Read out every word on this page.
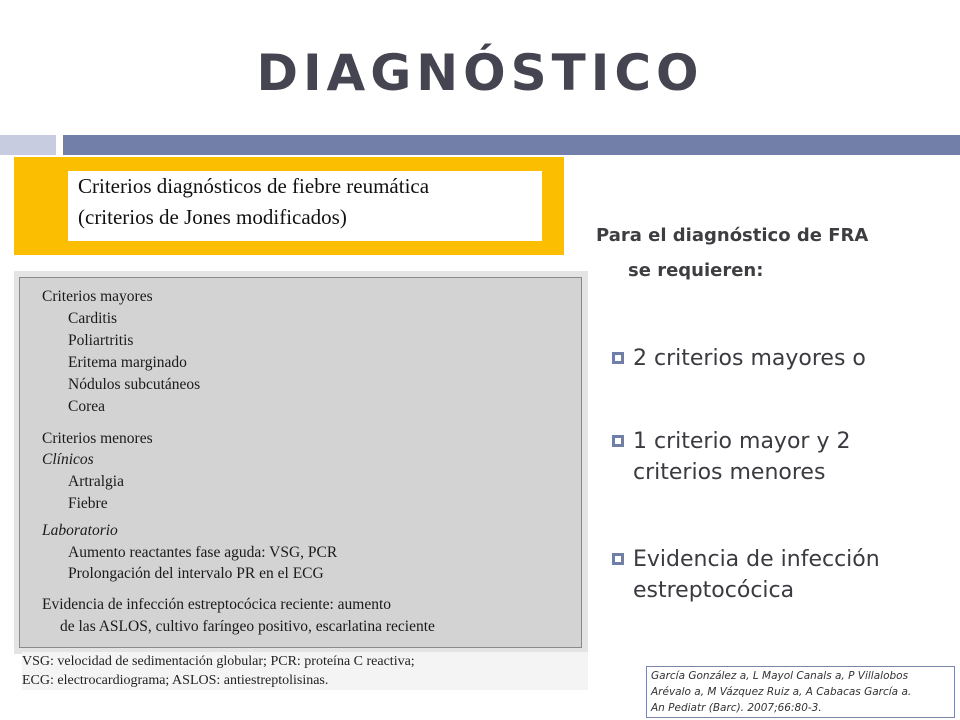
DIAGNÓSTICO
Criterios diagnósticos de fiebre reumática
(criterios de Jones modificados)
Criterios mayores
Carditis
Poliartritis
Eritema marginado
Nódulos subcutáneos
Corea
Criterios menores
Clínicos
Artralgia
Fiebre
Laboratorio
Aumento reactantes fase aguda: VSG, PCR
Prolongación del intervalo PR en el ECG
Evidencia de infección estreptocócica reciente: aumento
de las ASLOS, cultivo faríngeo positivo, escarlatina reciente
VSG: velocidad de sedimentación globular; PCR: proteína C reactiva;
ECG: electrocardiograma; ASLOS: antiestreptolisinas.
Para el diagnóstico de FRA
se requieren:
2 criterios mayores o
1 criterio mayor y 2
criterios menores
Evidencia de infección
estreptocócica
García González a, L Mayol Canals a, P Villalobos
Arévalo a, M Vázquez Ruiz a, A Cabacas García a.
An Pediatr (Barc). 2007;66:80-3.
